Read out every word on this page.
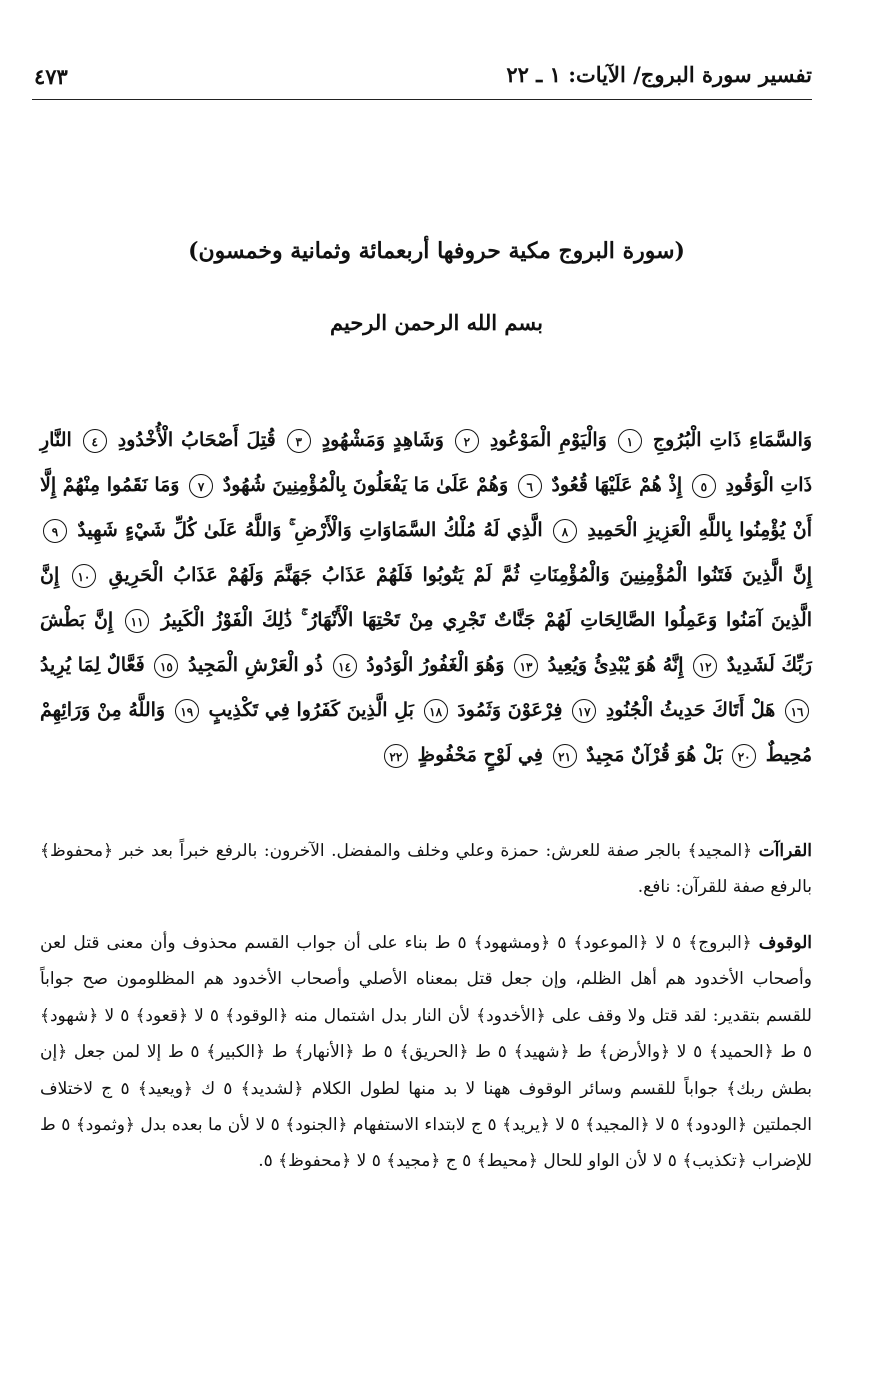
تفسير سورة البروج/ الآيات: ١ ـ ٢٢
٤٧٣
(سورة البروج مكية حروفها أربعمائة وثمانية وخمسون)
بسم الله الرحمن الرحيم
وَالسَّمَاءِ ذَاتِ الْبُرُوجِ ١ وَالْيَوْمِ الْمَوْعُودِ ٢ وَشَاهِدٍ وَمَشْهُودٍ ٣ قُتِلَ أَصْحَابُ الْأُخْدُودِ ٤ النَّارِ ذَاتِ الْوَقُودِ ٥ إِذْ هُمْ عَلَيْهَا قُعُودٌ ٦ وَهُمْ عَلَىٰ مَا يَفْعَلُونَ بِالْمُؤْمِنِينَ شُهُودٌ ٧ وَمَا نَقَمُوا مِنْهُمْ إِلَّا أَنْ يُؤْمِنُوا بِاللَّهِ الْعَزِيزِ الْحَمِيدِ ٨ الَّذِي لَهُ مُلْكُ السَّمَاوَاتِ وَالْأَرْضِ ۚ وَاللَّهُ عَلَىٰ كُلِّ شَيْءٍ شَهِيدٌ ٩ إِنَّ الَّذِينَ فَتَنُوا الْمُؤْمِنِينَ وَالْمُؤْمِنَاتِ ثُمَّ لَمْ يَتُوبُوا فَلَهُمْ عَذَابُ جَهَنَّمَ وَلَهُمْ عَذَابُ الْحَرِيقِ ١٠ إِنَّ الَّذِينَ آمَنُوا وَعَمِلُوا الصَّالِحَاتِ لَهُمْ جَنَّاتٌ تَجْرِي مِنْ تَحْتِهَا الْأَنْهَارُ ۚ ذَٰلِكَ الْفَوْزُ الْكَبِيرُ ١١ إِنَّ بَطْشَ رَبِّكَ لَشَدِيدٌ ١٢ إِنَّهُ هُوَ يُبْدِئُ وَيُعِيدُ ١٣ وَهُوَ الْغَفُورُ الْوَدُودُ ١٤ ذُو الْعَرْشِ الْمَجِيدُ ١٥ فَعَّالٌ لِمَا يُرِيدُ ١٦ هَلْ أَتَاكَ حَدِيثُ الْجُنُودِ ١٧ فِرْعَوْنَ وَثَمُودَ ١٨ بَلِ الَّذِينَ كَفَرُوا فِي تَكْذِيبٍ ١٩ وَاللَّهُ مِنْ وَرَائِهِمْ مُحِيطٌ ٢٠ بَلْ هُوَ قُرْآنٌ مَجِيدٌ ٢١ فِي لَوْحٍ مَحْفُوظٍ ٢٢
القراآت ﴿المجيد﴾ بالجر صفة للعرش: حمزة وعلي وخلف والمفضل. الآخرون: بالرفع خبراً بعد خبر ﴿محفوظ﴾ بالرفع صفة للقرآن: نافع.
الوقوف ﴿البروج﴾ ٥ لا ﴿الموعود﴾ ٥ ﴿ومشهود﴾ ٥ ط بناء على أن جواب القسم محذوف وأن معنى قتل لعن وأصحاب الأخدود هم أهل الظلم، وإن جعل قتل بمعناه الأصلي وأصحاب الأخدود هم المظلومون صح جواباً للقسم بتقدير: لقد قتل ولا وقف على ﴿الأخدود﴾ لأن النار بدل اشتمال منه ﴿الوقود﴾ ٥ لا ﴿قعود﴾ ٥ لا ﴿شهود﴾ ٥ ط ﴿الحميد﴾ ٥ لا ﴿والأرض﴾ ط ﴿شهيد﴾ ٥ ط ﴿الحريق﴾ ٥ ط ﴿الأنهار﴾ ط ﴿الكبير﴾ ٥ ط إلا لمن جعل ﴿إن بطش ربك﴾ جواباً للقسم وسائر الوقوف ههنا لا بد منها لطول الكلام ﴿لشديد﴾ ٥ ك ﴿ويعيد﴾ ٥ ج لاختلاف الجملتين ﴿الودود﴾ ٥ لا ﴿المجيد﴾ ٥ لا ﴿يريد﴾ ٥ ج لابتداء الاستفهام ﴿الجنود﴾ ٥ لا لأن ما بعده بدل ﴿وثمود﴾ ٥ ط للإضراب ﴿تكذيب﴾ ٥ لا لأن الواو للحال ﴿محيط﴾ ٥ ج ﴿مجيد﴾ ٥ لا ﴿محفوظ﴾ ٥.
